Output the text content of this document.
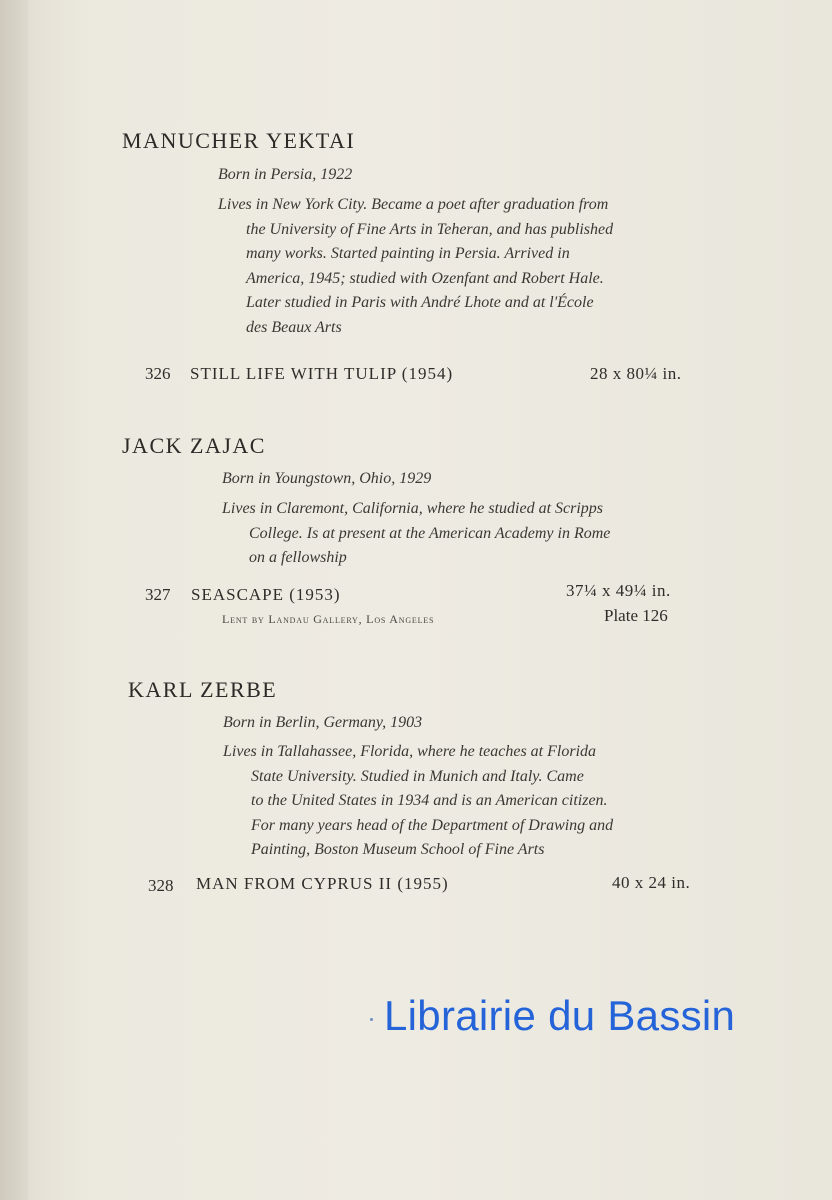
MANUCHER YEKTAI
Born in Persia, 1922
Lives in New York City. Became a poet after graduation from
the University of Fine Arts in Teheran, and has published
many works. Started painting in Persia. Arrived in
America, 1945; studied with Ozenfant and Robert Hale.
Later studied in Paris with André Lhote and at l'École
des Beaux Arts
326 STILL LIFE WITH TULIP (1954)	28 x 80¼ in.
JACK ZAJAC
Born in Youngstown, Ohio, 1929
Lives in Claremont, California, where he studied at Scripps
College. Is at present at the American Academy in Rome
on a fellowship
327 SEASCAPE (1953)	37¼ x 49¼ in.
Lent by Landau Gallery, Los Angeles	Plate 126
KARL ZERBE
Born in Berlin, Germany, 1903
Lives in Tallahassee, Florida, where he teaches at Florida
State University. Studied in Munich and Italy. Came
to the United States in 1934 and is an American citizen.
For many years head of the Department of Drawing and
Painting, Boston Museum School of Fine Arts
328 MAN FROM CYPRUS II (1955)	40 x 24 in.
Librairie du Bassin
